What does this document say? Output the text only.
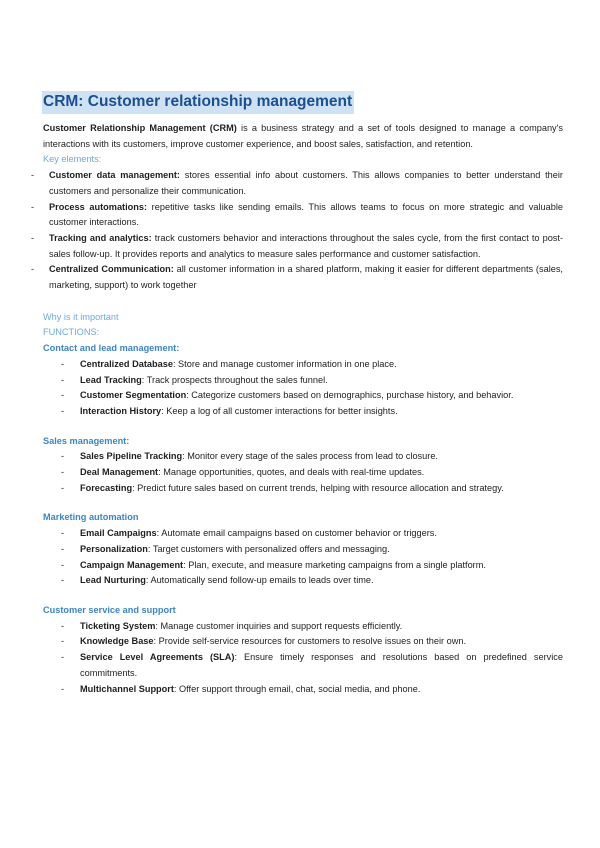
CRM: Customer relationship management

Customer Relationship Management (CRM) is a business strategy and a set of tools designed to manage a company's interactions with its customers, improve customer experience, and boost sales, satisfaction, and retention.

Key elements:
- Customer data management: stores essential info about customers. This allows companies to better understand their customers and personalize their communication.
- Process automations: repetitive tasks like sending emails. This allows teams to focus on more strategic and valuable customer interactions.
- Tracking and analytics: track customers behavior and interactions throughout the sales cycle, from the first contact to post-sales follow-up. It provides reports and analytics to measure sales performance and customer satisfaction.
- Centralized Communication: all customer information in a shared platform, making it easier for different departments (sales, marketing, support) to work together
Why is it important
FUNCTIONS:
Contact and lead management:
- Centralized Database: Store and manage customer information in one place.
- Lead Tracking: Track prospects throughout the sales funnel.
- Customer Segmentation: Categorize customers based on demographics, purchase history, and behavior.
- Interaction History: Keep a log of all customer interactions for better insights.
Sales management:
- Sales Pipeline Tracking: Monitor every stage of the sales process from lead to closure.
- Deal Management: Manage opportunities, quotes, and deals with real-time updates.
- Forecasting: Predict future sales based on current trends, helping with resource allocation and strategy.
Marketing automation
- Email Campaigns: Automate email campaigns based on customer behavior or triggers.
- Personalization: Target customers with personalized offers and messaging.
- Campaign Management: Plan, execute, and measure marketing campaigns from a single platform.
- Lead Nurturing: Automatically send follow-up emails to leads over time.
Customer service and support
- Ticketing System: Manage customer inquiries and support requests efficiently.
- Knowledge Base: Provide self-service resources for customers to resolve issues on their own.
- Service Level Agreements (SLA): Ensure timely responses and resolutions based on predefined service commitments.
- Multichannel Support: Offer support through email, chat, social media, and phone.
